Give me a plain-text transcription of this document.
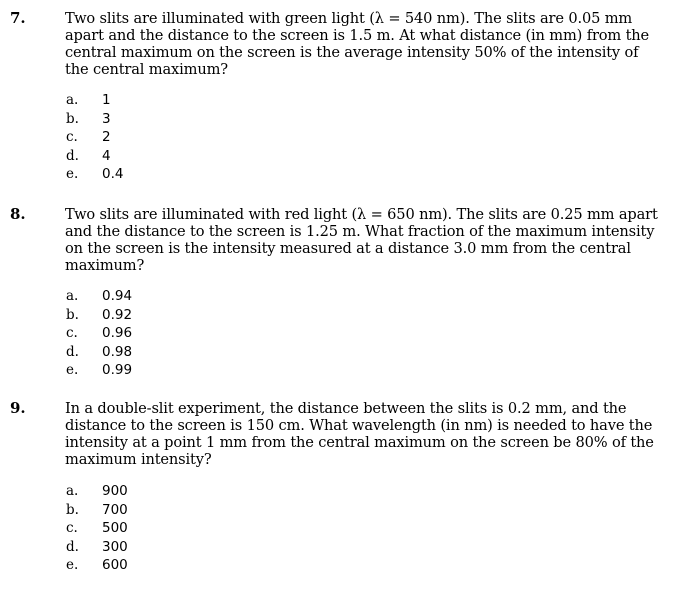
7.	Two slits are illuminated with green light (λ = 540 nm). The slits are 0.05 mm
apart and the distance to the screen is 1.5 m. At what distance (in mm) from the
central maximum on the screen is the average intensity 50% of the intensity of
the central maximum?
a. 1
b. 3
c. 2
d. 4
e. 0.4
8.	Two slits are illuminated with red light (λ = 650 nm). The slits are 0.25 mm apart
and the distance to the screen is 1.25 m. What fraction of the maximum intensity
on the screen is the intensity measured at a distance 3.0 mm from the central
maximum?
a. 0.94
b. 0.92
c. 0.96
d. 0.98
e. 0.99
9.	In a double-slit experiment, the distance between the slits is 0.2 mm, and the
distance to the screen is 150 cm. What wavelength (in nm) is needed to have the
intensity at a point 1 mm from the central maximum on the screen be 80% of the
maximum intensity?
a. 900
b. 700
c. 500
d. 300
e. 600
